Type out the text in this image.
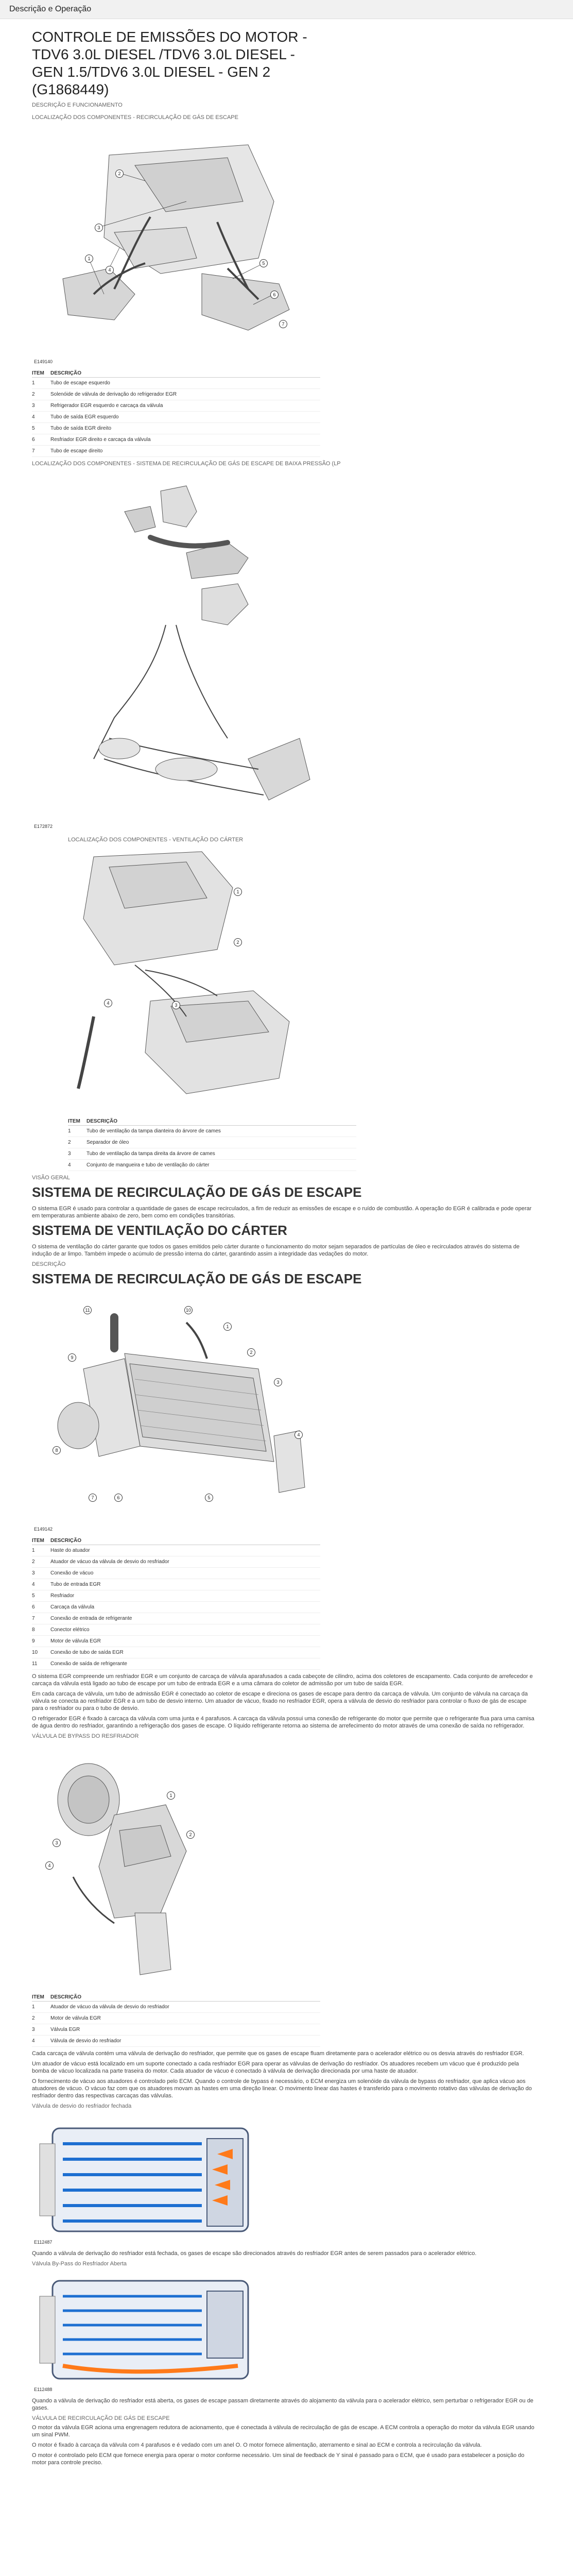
Descrição e Operação
CONTROLE DE EMISSÕES DO MOTOR - TDV6 3.0L DIESEL /TDV6 3.0L DIESEL - GEN 1.5/TDV6 3.0L DIESEL - GEN 2 (G1868449)
DESCRIÇÃO E FUNCIONAMENTO
LOCALIZAÇÃO DOS COMPONENTES - RECIRCULAÇÃO DE GÁS DE ESCAPE
2
3
1
4
5
6
7
E149140
ITEM	DESCRIÇÃO
1	Tubo de escape esquerdo
2	Solenóide de válvula de derivação do refrigerador EGR
3	Refrigerador EGR esquerdo e carcaça da válvula
4	Tubo de saída EGR esquerdo
5	Tubo de saída EGR direito
6	Resfriador EGR direito e carcaça da válvula
7	Tubo de escape direito
LOCALIZAÇÃO DOS COMPONENTES - SISTEMA DE RECIRCULAÇÃO DE GÁS DE ESCAPE DE BAIXA PRESSÃO (LP
E172872
LOCALIZAÇÃO DOS COMPONENTES - VENTILAÇÃO DO CÁRTER
1
2
4	3
ITEM	DESCRIÇÃO
1	Tubo de ventilação da tampa dianteira do árvore de cames
2	Separador de óleo
3	Tubo de ventilação da tampa direita da árvore de cames
4	Conjunto de mangueira e tubo de ventilação do cárter
VISÃO GERAL
SISTEMA DE RECIRCULAÇÃO DE GÁS DE ESCAPE

O sistema EGR é usado para controlar a quantidade de gases de escape recirculados, a fim de reduzir as emissões de escape e o ruído de combustão. A operação do EGR é calibrada e pode operar em temperaturas ambiente abaixo de zero, bem como em condições transitórias.

SISTEMA DE VENTILAÇÃO DO CÁRTER

O sistema de ventilação do cárter garante que todos os gases emitidos pelo cárter durante o funcionamento do motor sejam separados de partículas de óleo e recirculados através do sistema de indução de ar limpo. Também impede o acúmulo de pressão interna do cárter, garantindo assim a integridade das vedações do motor.

DESCRIÇÃO
SISTEMA DE RECIRCULAÇÃO DE GÁS DE ESCAPE
11	10
9
1
2
3
4
5
6
7
8
E149142
ITEM	DESCRIÇÃO
1	Haste do atuador
2	Atuador de vácuo da válvula de desvio do resfriador
3	Conexão de vácuo
4	Tubo de entrada EGR
5	Resfriador
6	Carcaça da válvula
7	Conexão de entrada de refrigerante
8	Conector elétrico
9	Motor de válvula EGR
10	Conexão de tubo de saída EGR
11	Conexão de saída de refrigerante

O sistema EGR compreende um resfriador EGR e um conjunto de carcaça de válvula aparafusados a cada cabeçote de cilindro, acima dos coletores de escapamento. Cada conjunto de arrefecedor e carcaça da válvula está ligado ao tubo de escape por um tubo de entrada EGR e a uma câmara do coletor de admissão por um tubo de saída EGR.

Em cada carcaça de válvula, um tubo de admissão EGR é conectado ao coletor de escape e direciona os gases de escape para dentro da carcaça de válvula. Um conjunto de válvula na carcaça da válvula se conecta ao resfriador EGR e a um tubo de desvio interno. Um atuador de vácuo, fixado no resfriador EGR, opera a válvula de desvio do resfriador para controlar o fluxo de gás de escape para o resfriador ou para o tubo de desvio.

O refrigerador EGR é fixado à carcaça da válvula com uma junta e 4 parafusos. A carcaça da válvula possui uma conexão de refrigerante do motor que permite que o refrigerante flua para uma camisa de água dentro do resfriador, garantindo a refrigeração dos gases de escape. O líquido refrigerante retorna ao sistema de arrefecimento do motor através de uma conexão de saída no refrigerador.

VÁLVULA DE BYPASS DO RESFRIADOR
1
2
3
4
ITEM	DESCRIÇÃO
1	Atuador de vácuo da válvula de desvio do resfriador
2	Motor de válvula EGR
3	Válvula EGR
4	Válvula de desvio do resfriador

Cada carcaça de válvula contém uma válvula de derivação do resfriador, que permite que os gases de escape fluam diretamente para o acelerador elétrico ou os desvia através do resfriador EGR.

Um atuador de vácuo está localizado em um suporte conectado a cada resfriador EGR para operar as válvulas de derivação do resfriador. Os atuadores recebem um vácuo que é produzido pela bomba de vácuo localizada na parte traseira do motor. Cada atuador de vácuo é conectado à válvula de derivação direcionada por uma haste de atuador.

O fornecimento de vácuo aos atuadores é controlado pelo ECM. Quando o controle de bypass é necessário, o ECM energiza um solenóide da válvula de bypass do resfriador, que aplica vácuo aos atuadores de vácuo. O vácuo faz com que os atuadores movam as hastes em uma direção linear. O movimento linear das hastes é transferido para o movimento rotativo das válvulas de derivação do resfriador dentro das respectivas carcaças das válvulas.

Válvula de desvio do resfriador fechada
E112487

Quando a válvula de derivação do resfriador está fechada, os gases de escape são direcionados através do resfriador EGR antes de serem passados para o acelerador elétrico.

Válvula By-Pass do Resfriador Aberta
E112488

Quando a válvula de derivação do resfriador está aberta, os gases de escape passam diretamente através do alojamento da válvula para o acelerador elétrico, sem perturbar o refrigerador EGR ou de gases.

VÁLVULA DE RECIRCULAÇÃO DE GÁS DE ESCAPE

O motor da válvula EGR aciona uma engrenagem redutora de acionamento, que é conectada à válvula de recirculação de gás de escape. A ECM controla a operação do motor da válvula EGR usando um sinal PWM.

O motor é fixado à carcaça da válvula com 4 parafusos e é vedado com um anel O. O motor fornece alimentação, aterramento e sinal ao ECM e controla a recirculação da válvula.

O motor é controlado pelo ECM que fornece energia para operar o motor conforme necessário. Um sinal de feedback de Y sinal é passado para o ECM, que é usado para estabelecer a posição do motor para controle preciso.
